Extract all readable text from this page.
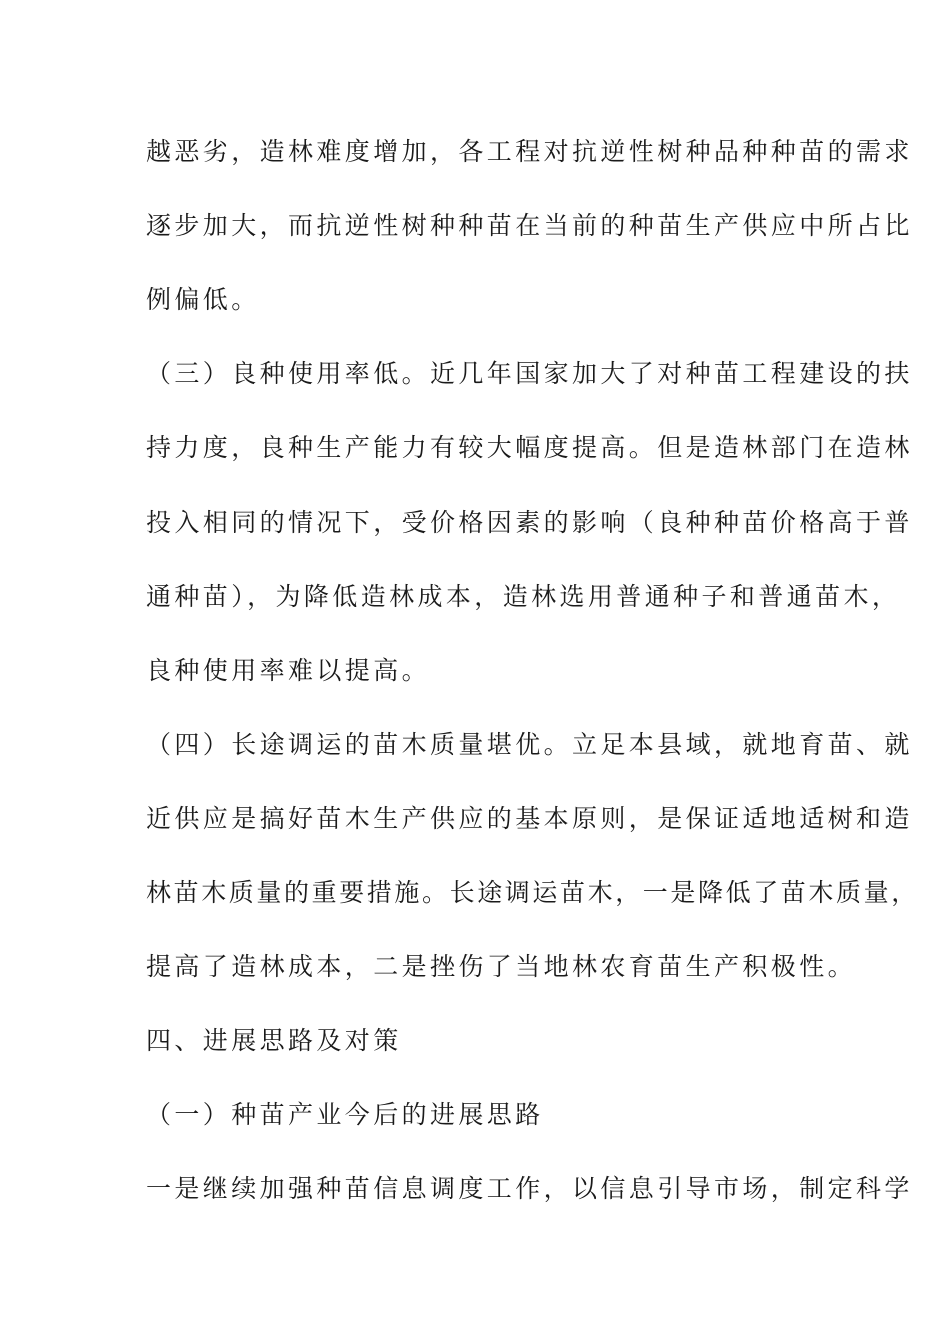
越恶劣，造林难度增加，各工程对抗逆性树种品种种苗的需求
逐步加大，而抗逆性树种种苗在当前的种苗生产供应中所占比
例偏低。
（三）良种使用率低。近几年国家加大了对种苗工程建设的扶
持力度，良种生产能力有较大幅度提高。但是造林部门在造林
投入相同的情况下，受价格因素的影响（良种种苗价格高于普
通种苗），为降低造林成本，造林选用普通种子和普通苗木，
良种使用率难以提高。
（四）长途调运的苗木质量堪优。立足本县域，就地育苗、就
近供应是搞好苗木生产供应的基本原则，是保证适地适树和造
林苗木质量的重要措施。长途调运苗木，一是降低了苗木质量，
提高了造林成本，二是挫伤了当地林农育苗生产积极性。
四、进展思路及对策
（一）种苗产业今后的进展思路
一是继续加强种苗信息调度工作，以信息引导市场，制定科学
